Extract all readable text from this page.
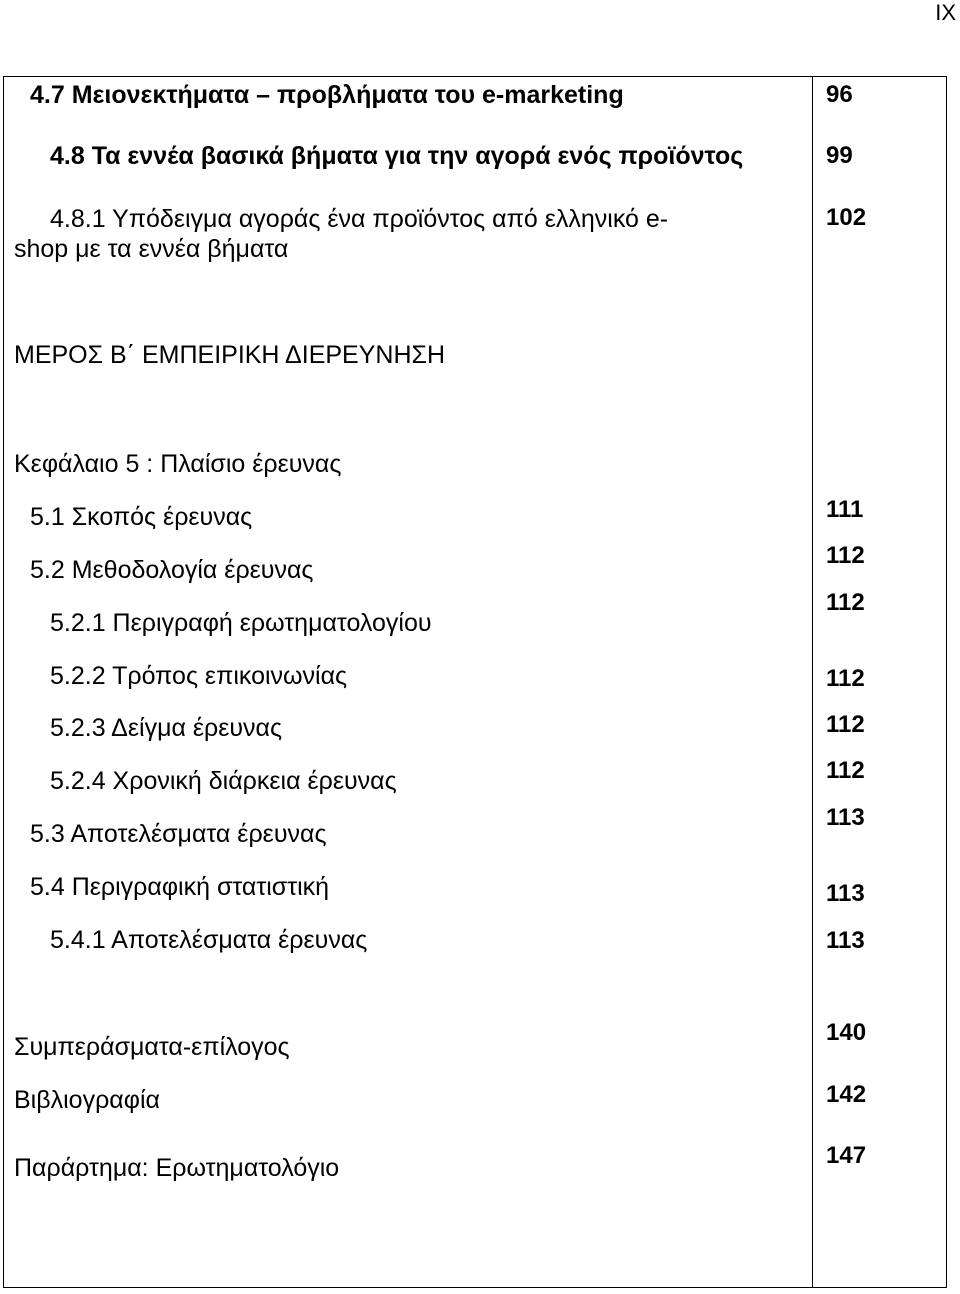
IX
4.7 Μειονεκτήματα – προβλήματα του e-marketing
4.8 Τα εννέα βασικά βήματα για την αγορά ενός προϊόντος
4.8.1 Υπόδειγμα αγοράς ένα προϊόντος από ελληνικό e-
shop με τα εννέα βήματα
ΜΕΡΟΣ Β΄ ΕΜΠΕΙΡΙΚΗ ΔΙΕΡΕΥΝΗΣΗ
Κεφάλαιο 5 : Πλαίσιο έρευνας
5.1 Σκοπός έρευνας
5.2 Μεθοδολογία έρευνας
5.2.1 Περιγραφή ερωτηματολογίου
5.2.2 Τρόπος επικοινωνίας
5.2.3 Δείγμα έρευνας
5.2.4 Χρονική διάρκεια έρευνας
5.3 Αποτελέσματα έρευνας
5.4 Περιγραφική στατιστική
5.4.1 Αποτελέσματα έρευνας
Συμπεράσματα-επίλογος
Βιβλιογραφία
Παράρτημα: Ερωτηματολόγιο
96
99
102
111
112
112
112
112
112
113
113
113
140
142
147
